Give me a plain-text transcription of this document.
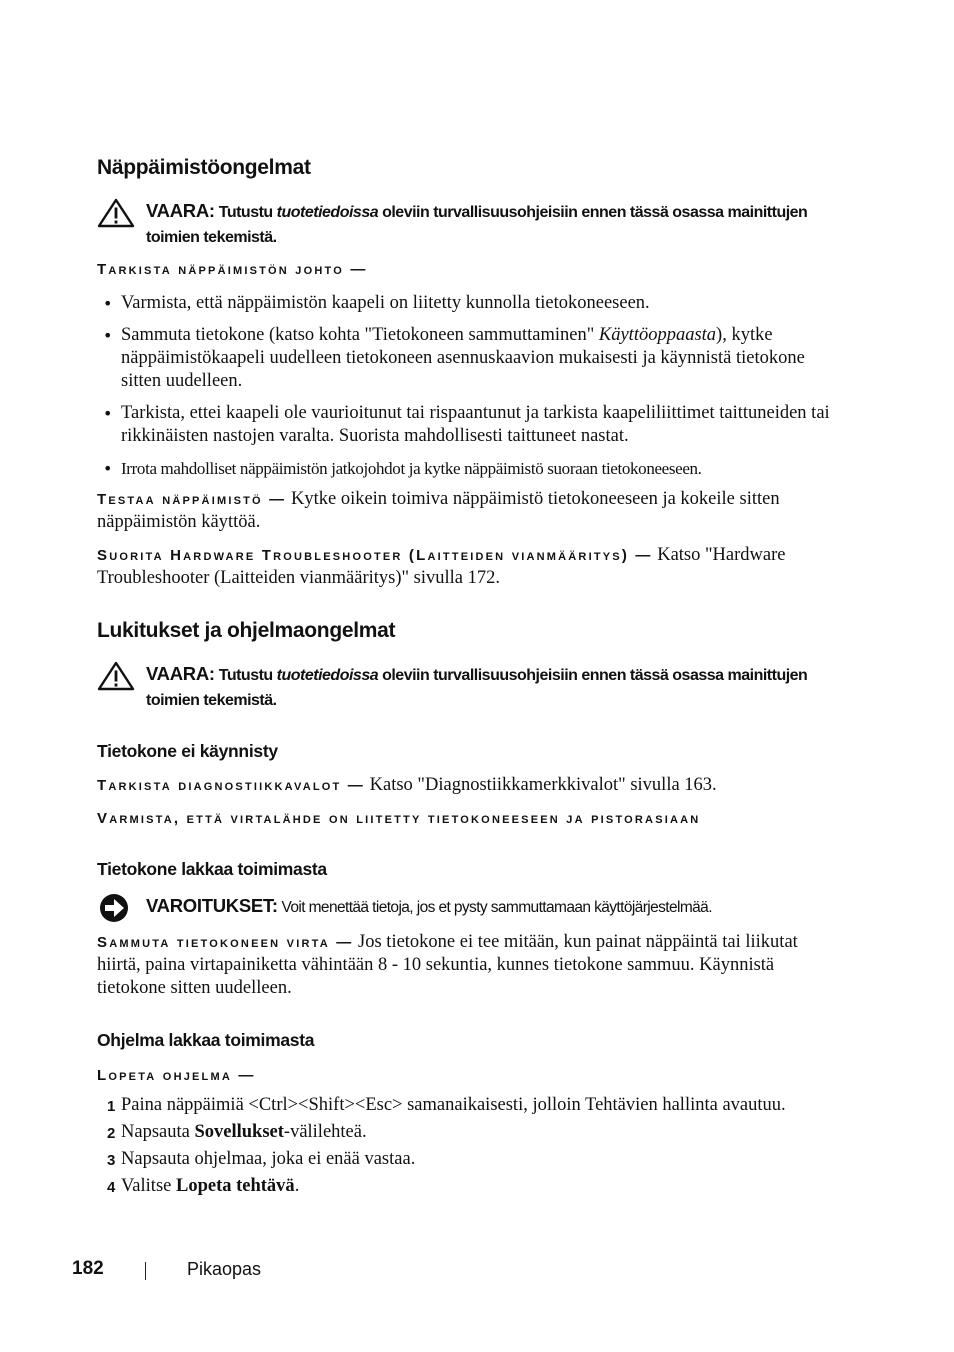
Näppäimistöongelmat
VAARA: Tutustu tuotetiedoissa oleviin turvallisuusohjeisiin ennen tässä osassa mainittujen toimien tekemistä.
Tarkista näppäimistön johto —
• Varmista, että näppäimistön kaapeli on liitetty kunnolla tietokoneeseen.
• Sammuta tietokone (katso kohta "Tietokoneen sammuttaminen" Käyttöoppaasta), kytke näppäimistökaapeli uudelleen tietokoneen asennuskaavion mukaisesti ja käynnistä tietokone sitten uudelleen.
• Tarkista, ettei kaapeli ole vaurioitunut tai rispaantunut ja tarkista kaapeliliittimet taittuneiden tai rikkinäisten nastojen varalta. Suorista mahdollisesti taittuneet nastat.
• Irrota mahdolliset näppäimistön jatkojohdot ja kytke näppäimistö suoraan tietokoneeseen.
Testaa näppäimistö — Kytke oikein toimiva näppäimistö tietokoneeseen ja kokeile sitten näppäimistön käyttöä.
Suorita Hardware Troubleshooter (Laitteiden vianmääritys) — Katso "Hardware Troubleshooter (Laitteiden vianmääritys)" sivulla 172.
Lukitukset ja ohjelmaongelmat
VAARA: Tutustu tuotetiedoissa oleviin turvallisuusohjeisiin ennen tässä osassa mainittujen toimien tekemistä.
Tietokone ei käynnisty
Tarkista diagnostiikkavalot — Katso "Diagnostiikkamerkkivalot" sivulla 163.
Varmista, että virtalähde on liitetty tietokoneeseen ja pistorasiaan
Tietokone lakkaa toimimasta
VAROITUKSET: Voit menettää tietoja, jos et pysty sammuttamaan käyttöjärjestelmää.
Sammuta tietokoneen virta — Jos tietokone ei tee mitään, kun painat näppäintä tai liikutat hiirtä, paina virtapainiketta vähintään 8 - 10 sekuntia, kunnes tietokone sammuu. Käynnistä tietokone sitten uudelleen.
Ohjelma lakkaa toimimasta
Lopeta ohjelma —
1 Paina näppäimiä <Ctrl><Shift><Esc> samanaikaisesti, jolloin Tehtävien hallinta avautuu.
2 Napsauta Sovellukset-välilehteä.
3 Napsauta ohjelmaa, joka ei enää vastaa.
4 Valitse Lopeta tehtävä.
182	Pikaopas
